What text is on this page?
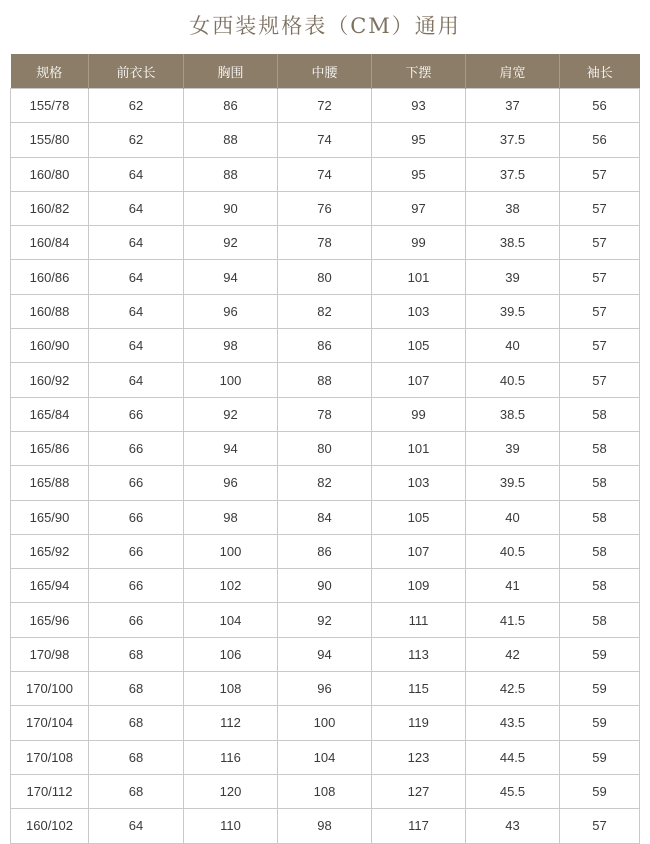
女西装规格表（CM）通用
规格	前衣长	胸围	中腰	下摆	肩宽	袖长
155/78	62	86	72	93	37	56
155/80	62	88	74	95	37.5	56
160/80	64	88	74	95	37.5	57
160/82	64	90	76	97	38	57
160/84	64	92	78	99	38.5	57
160/86	64	94	80	101	39	57
160/88	64	96	82	103	39.5	57
160/90	64	98	86	105	40	57
160/92	64	100	88	107	40.5	57
165/84	66	92	78	99	38.5	58
165/86	66	94	80	101	39	58
165/88	66	96	82	103	39.5	58
165/90	66	98	84	105	40	58
165/92	66	100	86	107	40.5	58
165/94	66	102	90	109	41	58
165/96	66	104	92	111	41.5	58
170/98	68	106	94	113	42	59
170/100	68	108	96	115	42.5	59
170/104	68	112	100	119	43.5	59
170/108	68	116	104	123	44.5	59
170/112	68	120	108	127	45.5	59
160/102	64	110	98	117	43	57
